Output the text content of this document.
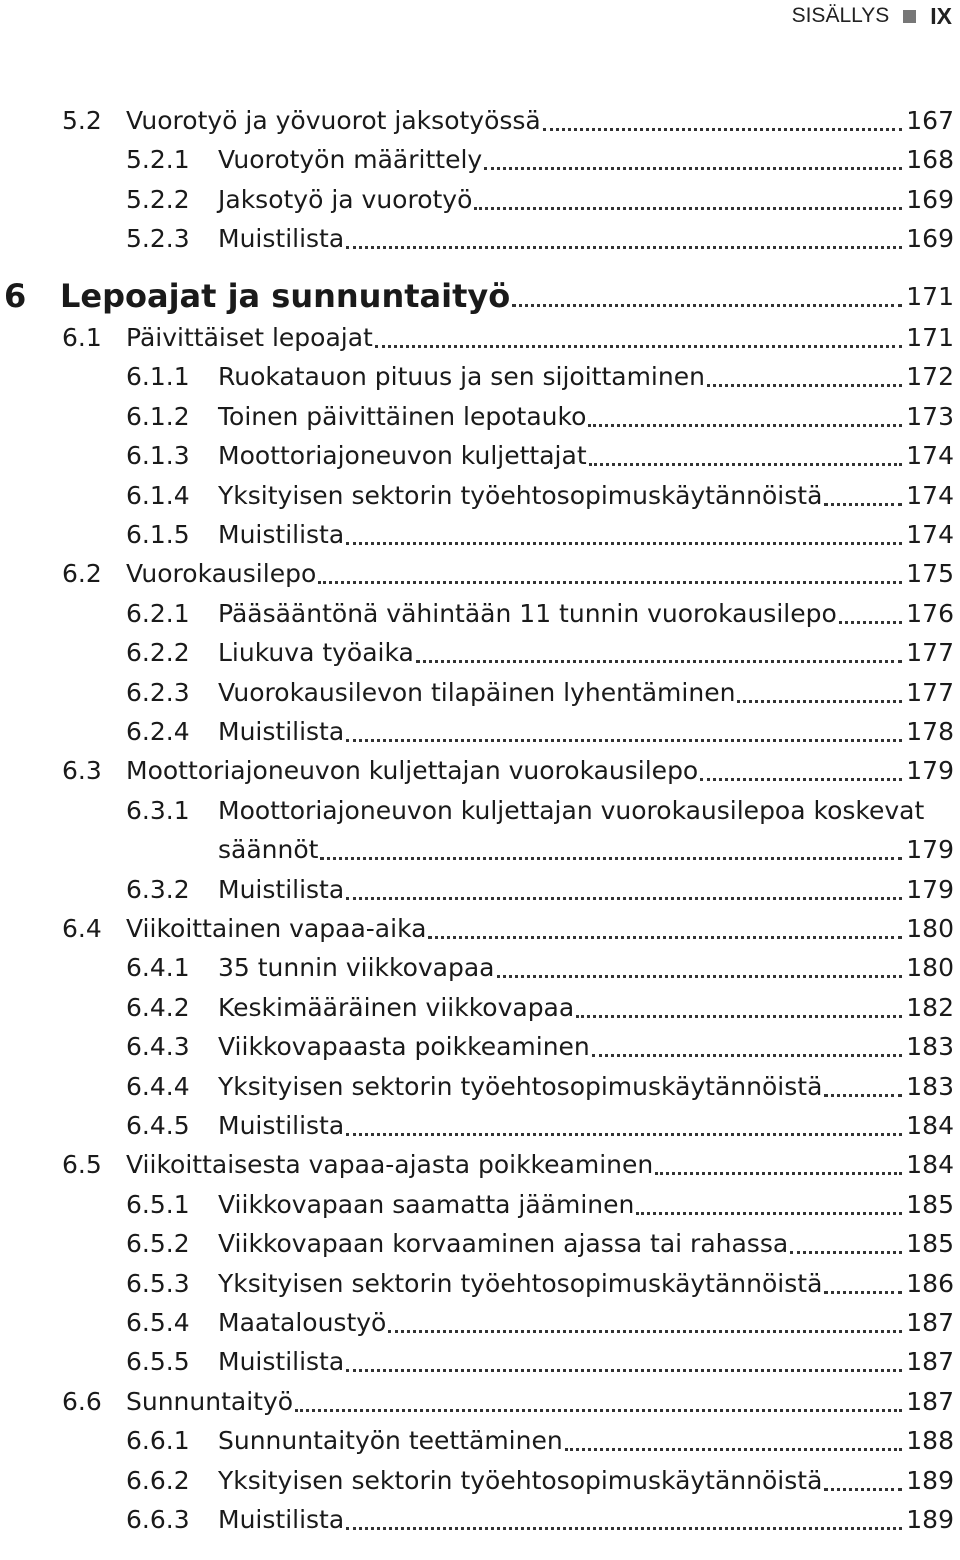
SISÄLLYS IX
5.2 Vuorotyö ja yövuorot jaksotyössä	167
5.2.1 Vuorotyön määrittely	168
5.2.2 Jaksotyö ja vuorotyö	169
5.2.3 Muistilista	169
6 Lepoajat ja sunnuntaityö	171
6.1 Päivittäiset lepoajat	171
6.1.1 Ruokatauon pituus ja sen sijoittaminen	172
6.1.2 Toinen päivittäinen lepotauko	173
6.1.3 Moottoriajoneuvon kuljettajat	174
6.1.4 Yksityisen sektorin työehtosopimuskäytännöistä	174
6.1.5 Muistilista	174
6.2 Vuorokausilepo	175
6.2.1 Pääsääntönä vähintään 11 tunnin vuorokausilepo	176
6.2.2 Liukuva työaika	177
6.2.3 Vuorokausilevon tilapäinen lyhentäminen	177
6.2.4 Muistilista	178
6.3 Moottoriajoneuvon kuljettajan vuorokausilepo	179
6.3.1 Moottoriajoneuvon kuljettajan vuorokausilepoa koskevat
säännöt	179
6.3.2 Muistilista	179
6.4 Viikoittainen vapaa-aika	180
6.4.1 35 tunnin viikkovapaa	180
6.4.2 Keskimääräinen viikkovapaa	182
6.4.3 Viikkovapaasta poikkeaminen	183
6.4.4 Yksityisen sektorin työehtosopimuskäytännöistä	183
6.4.5 Muistilista	184
6.5 Viikoittaisesta vapaa-ajasta poikkeaminen	184
6.5.1 Viikkovapaan saamatta jääminen	185
6.5.2 Viikkovapaan korvaaminen ajassa tai rahassa	185
6.5.3 Yksityisen sektorin työehtosopimuskäytännöistä	186
6.5.4 Maataloustyö	187
6.5.5 Muistilista	187
6.6 Sunnuntaityö	187
6.6.1 Sunnuntaityön teettäminen	188
6.6.2 Yksityisen sektorin työehtosopimuskäytännöistä	189
6.6.3 Muistilista	189
